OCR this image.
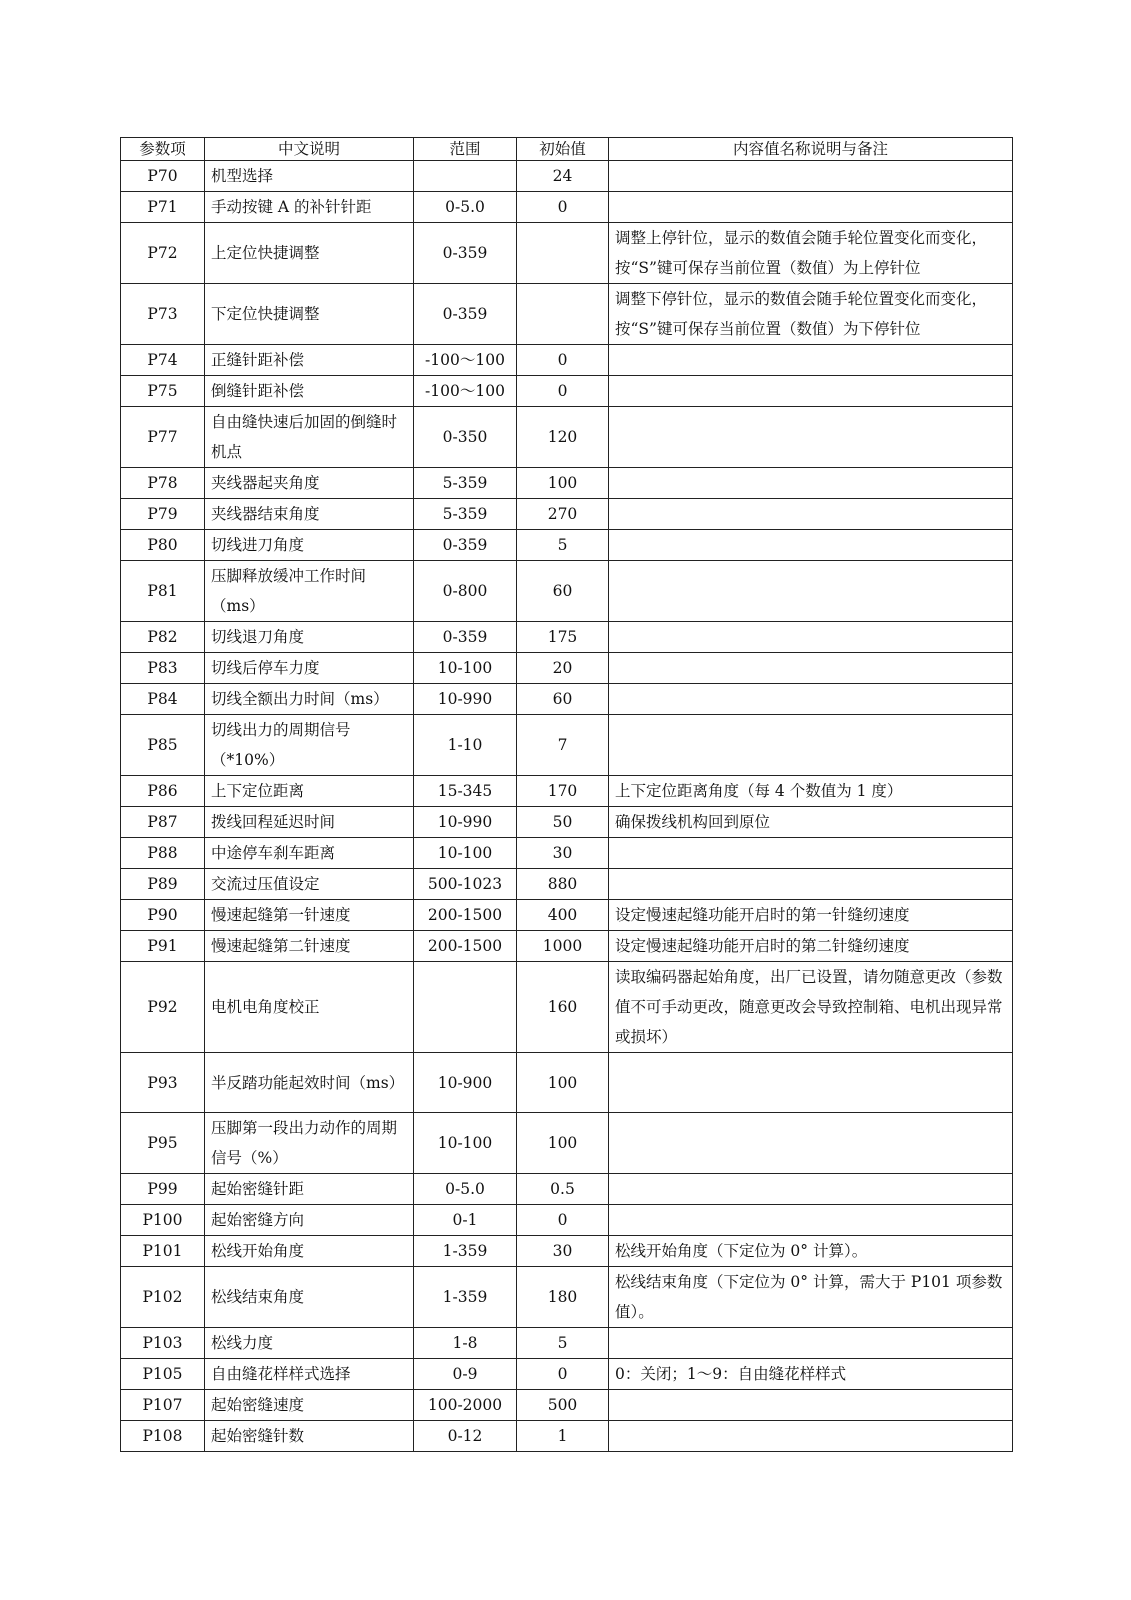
参数项	中文说明	范围	初始值	内容值名称说明与备注
P70	机型选择		24	
P71	手动按键 A 的补针针距	0-5.0	0	
P72	上定位快捷调整	0-359		调整上停针位，显示的数值会随手轮位置变化而变化，按“S”键可保存当前位置（数值）为上停针位
P73	下定位快捷调整	0-359		调整下停针位，显示的数值会随手轮位置变化而变化，按“S”键可保存当前位置（数值）为下停针位
P74	正缝针距补偿	-100～100	0	
P75	倒缝针距补偿	-100～100	0	
P77	自由缝快速后加固的倒缝时机点	0-350	120	
P78	夹线器起夹角度	5-359	100	
P79	夹线器结束角度	5-359	270	
P80	切线进刀角度	0-359	5	
P81	压脚释放缓冲工作时间（ms）	0-800	60	
P82	切线退刀角度	0-359	175	
P83	切线后停车力度	10-100	20	
P84	切线全额出力时间（ms）	10-990	60	
P85	切线出力的周期信号（*10%）	1-10	7	
P86	上下定位距离	15-345	170	上下定位距离角度（每 4 个数值为 1 度）
P87	拨线回程延迟时间	10-990	50	确保拨线机构回到原位
P88	中途停车刹车距离	10-100	30	
P89	交流过压值设定	500-1023	880	
P90	慢速起缝第一针速度	200-1500	400	设定慢速起缝功能开启时的第一针缝纫速度
P91	慢速起缝第二针速度	200-1500	1000	设定慢速起缝功能开启时的第二针缝纫速度
P92	电机电角度校正		160	读取编码器起始角度，出厂已设置，请勿随意更改（参数值不可手动更改，随意更改会导致控制箱、电机出现异常或损坏）
P93	半反踏功能起效时间（ms）	10-900	100	
P95	压脚第一段出力动作的周期信号（%）	10-100	100	
P99	起始密缝针距	0-5.0	0.5	
P100	起始密缝方向	0-1	0	
P101	松线开始角度	1-359	30	松线开始角度（下定位为 0° 计算）。
P102	松线结束角度	1-359	180	松线结束角度（下定位为 0° 计算，需大于 P101 项参数值）。
P103	松线力度	1-8	5	
P105	自由缝花样样式选择	0-9	0	0：关闭；1～9：自由缝花样样式
P107	起始密缝速度	100-2000	500	
P108	起始密缝针数	0-12	1	
